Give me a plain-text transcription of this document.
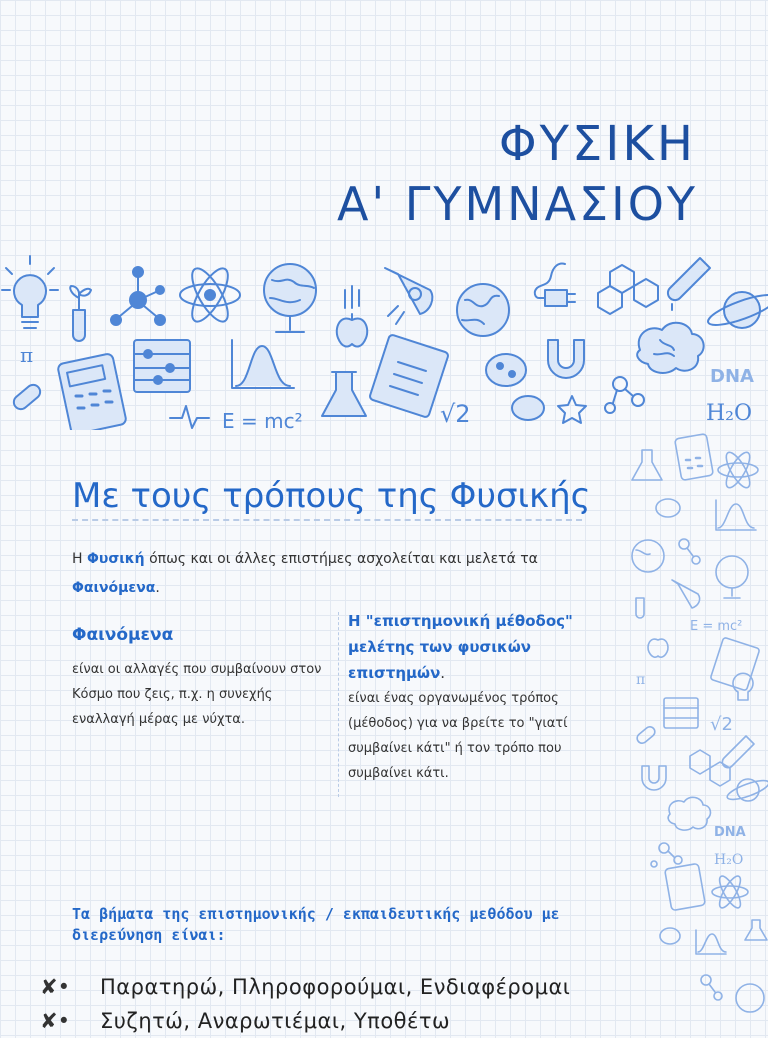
ΦΥΣΙΚΗ
Α' ΓΥΜΝΑΣΙΟΥ
π
E = mc²	√2	H₂O
DNA
E = mc²
π
√2
DNA
H₂O
Με τους τρόπους της Φυσικής
Η Φυσική όπως και οι άλλες επιστήμες ασχολείται και μελετά τα Φαινόμενα.
Φαινόμενα
είναι οι αλλαγές που συμβαίνουν στον Κόσμο που ζεις, π.χ. η συνεχής εναλλαγή μέρας με νύχτα.
Η "επιστημονική μέθοδος" μελέτης των φυσικών επιστημών.
είναι ένας οργανωμένος τρόπος (μέθοδος) για να βρείτε το "γιατί συμβαίνει κάτι" ή τον τρόπο που συμβαίνει κάτι.
Τα βήματα της επιστημονικής / εκπαιδευτικής μεθόδου με διερεύνηση είναι:
✘•	Παρατηρώ, Πληροφορούμαι, Ενδιαφέρομαι
✘•	Συζητώ, Αναρωτιέμαι, Υποθέτω
